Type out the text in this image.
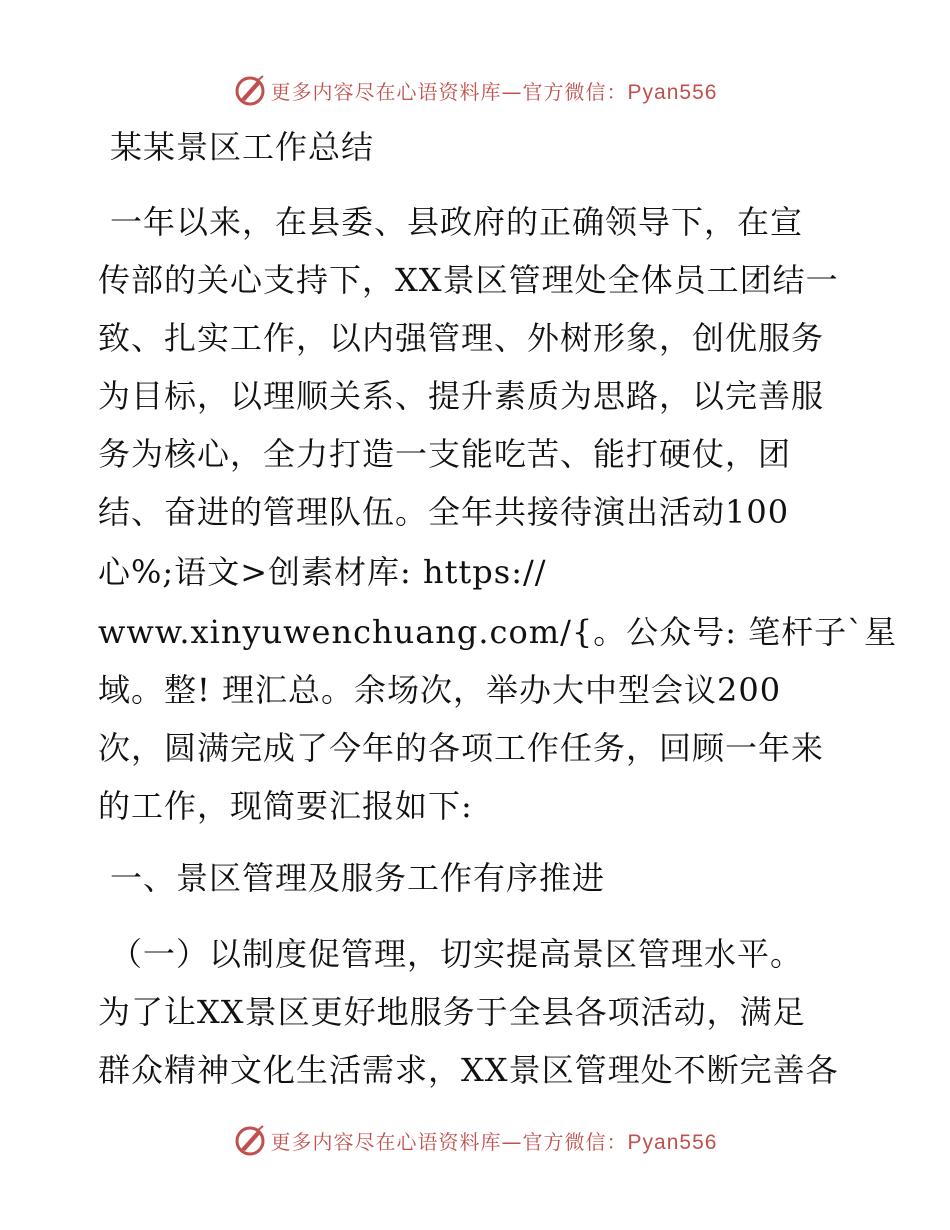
更多内容尽在心语资料库—官方微信：Pyan556
某某景区工作总结
一年以来，在县委、县政府的正确领导下，在宣
传部的关心支持下，XX景区管理处全体员工团结一
致、扎实工作，以内强管理、外树形象，创优服务
为目标，以理顺关系、提升素质为思路，以完善服
务为核心，全力打造一支能吃苦、能打硬仗，团
结、奋进的管理队伍。全年共接待演出活动100
心%;语文>创素材库: https://
www.xinyuwenchuang.com/{。公众号: 笔杆子`星
域。整! 理汇总。余场次，举办大中型会议200
次，圆满完成了今年的各项工作任务，回顾一年来
的工作，现简要汇报如下:
一、景区管理及服务工作有序推进
（一）以制度促管理，切实提高景区管理水平。
为了让XX景区更好地服务于全县各项活动，满足
群众精神文化生活需求，XX景区管理处不断完善各
更多内容尽在心语资料库—官方微信：Pyan556
